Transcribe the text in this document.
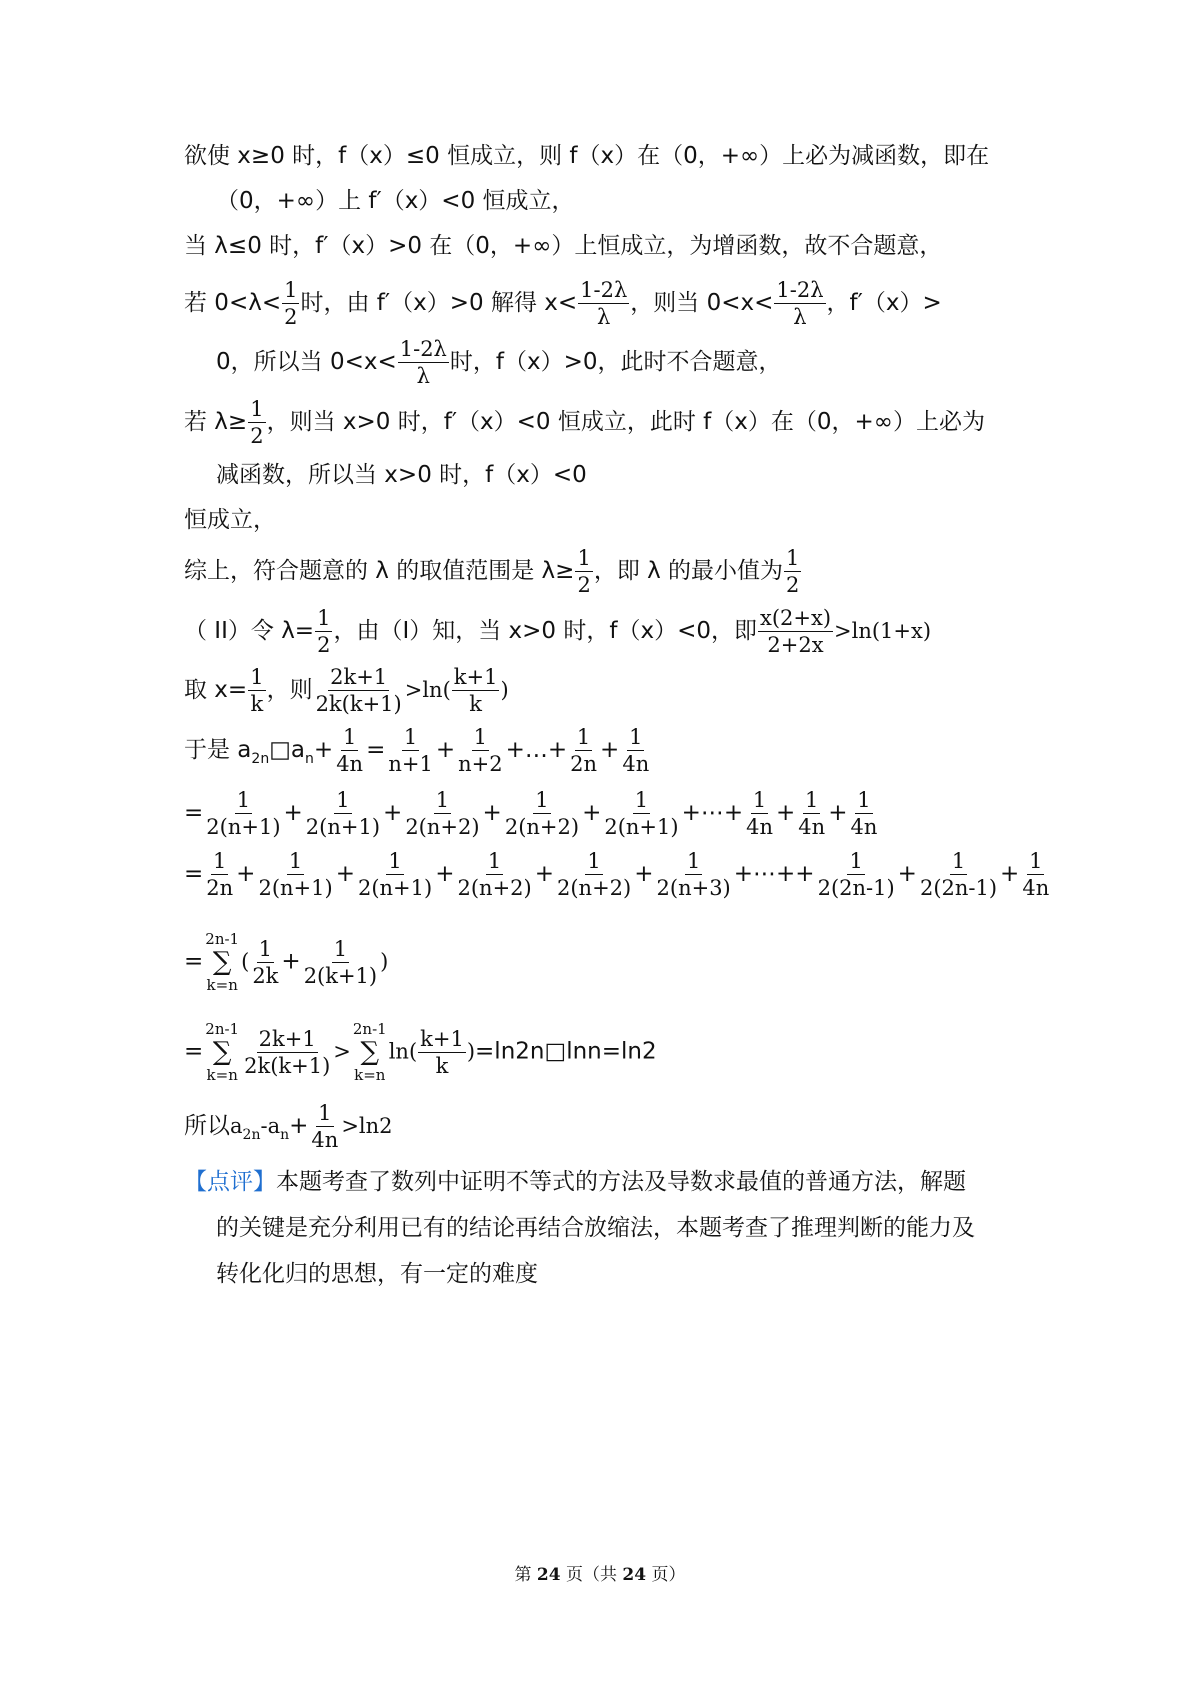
欲使 x≥0 时，f（x）≤0 恒成立，则 f（x）在（0，+∞）上必为减函数，即在
（0，+∞）上 f′（x）<0 恒成立，
当 λ≤0 时，f′（x）>0 在（0，+∞）上恒成立，为增函数，故不合题意，
若 $0<\lambda< \frac{1}{2}$ 时，由 f′（x）>0 解得 $x< \frac{1-2\lambda}{\lambda}$ ，则当 $0<x< \frac{1-2\lambda}{\lambda}$ ，f′（x）>
0，所以当 $0<x< \frac{1-2\lambda}{\lambda}$ 时，f（x）>0，此时不合题意，
若 $\lambda\ge \frac{1}{2}$ ，则当 x>0 时，f′（x）<0 恒成立，此时 f（x）在（0，+∞）上必为
减函数，所以当 x>0 时，f（x）<0
恒成立，
综上，符合题意的 λ 的取值范围是 $\lambda\ge \frac{1}{2}$ ，即 λ 的最小值为 $\frac{1}{2}$
（ II）令 $\lambda= \frac{1}{2}$ ，由（I）知，当 x>0 时，f（x）<0，即 $\frac{x(2+x)}{2+2x} >\ln(1+x)$
取 $x= \frac{1}{k}$ ，则 $\frac{2k+1}{2k(k+1)} >\ln( \frac{k+1}{k}$ )
于是 $a_{2n}□a_n+ \frac{1}{4n} = \frac{1}{n+1} + \frac{1}{n+2}$ +…+ $\frac{1}{2n} + \frac{1}{4n}$
= $\frac{1}{2(n+1)} + \frac{1}{2(n+1)} + \frac{1}{2(n+2)} + \frac{1}{2(n+2)} + \frac{1}{2(n+1)}$ +⋯+ $\frac{1}{4n} + \frac{1}{4n} + \frac{1}{4n}$
= $\frac{1}{2n} + \frac{1}{2(n+1)} + \frac{1}{2(n+1)} + \frac{1}{2(n+2)} + \frac{1}{2(n+2)} + \frac{1}{2(n+3)}$ +⋯++ $\frac{1}{2(2n-1)} + \frac{1}{2(2n-1)} + \frac{1}{4n}$
=
2n-1
∑
k=n
( $\frac{1}{2k} + \frac{1}{2(k+1)}$ )
=
2n-1
∑
$k=n \frac{2k+1}{2k(k+1)}$ >
2n-1
∑
k=n
$\ln( \frac{k+1}{k}$ )=ln2n□lnn=ln2
所以$a_{2n}-a_n+ \frac{1}{4n} >\ln 2$
【点评】本题考查了数列中证明不等式的方法及导数求最值的普通方法，解题
的关键是充分利用已有的结论再结合放缩法，本题考查了推理判断的能力及
转化化归的思想，有一定的难度
第 24 页（共 24 页）
